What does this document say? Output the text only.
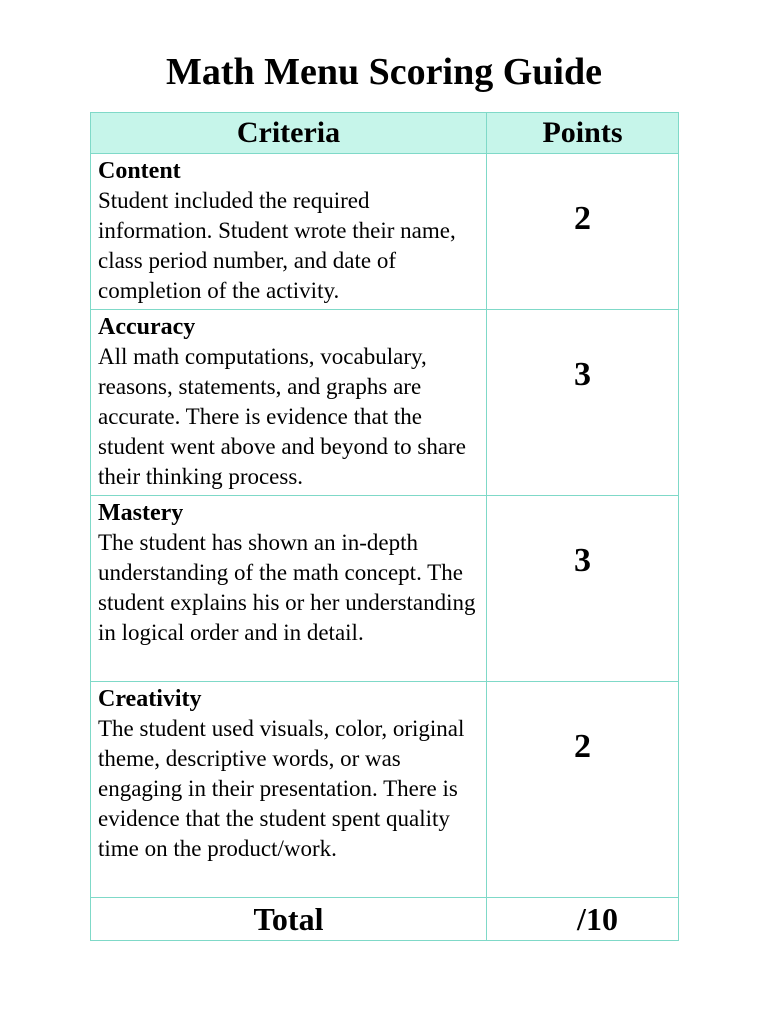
Math Menu Scoring Guide
Criteria	Points

Content
Student included the required information. Student wrote their name, class period number, and date of completion of the activity.	2

Accuracy
All math computations, vocabulary, reasons, statements, and graphs are accurate. There is evidence that the student went above and beyond to share their thinking process.	3

Mastery
The student has shown an in-depth understanding of the math concept. The student explains his or her understanding in logical order and in detail.	3

Creativity
The student used visuals, color, original theme, descriptive words, or was engaging in their presentation. There is evidence that the student spent quality time on the product/work.	2

Total	/10
